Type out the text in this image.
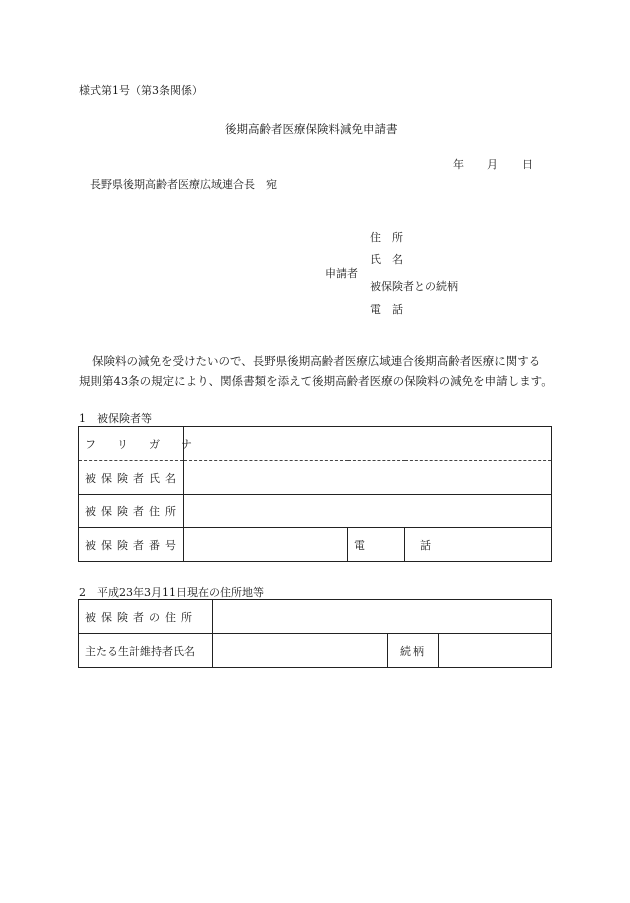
様式第1号（第3条関係）
後期高齢者医療保険料減免申請書
年 月 日
長野県後期高齢者医療広域連合長　宛
申請者
住　所
氏　名
被保険者との続柄
電　話
保険料の減免を受けたいので、長野県後期高齢者医療広域連合後期高齢者医療に関する
規則第43条の規定により、関係書類を添えて後期高齢者医療の保険料の減免を申請します。
1　被保険者等
フ　リ　ガ　ナ			
被保険者氏名			
被保険者住所			
被保険者番号		電　話	
2　平成23年3月11日現在の住所地等
被保険者の住所			
主たる生計維持者氏名		続柄	
